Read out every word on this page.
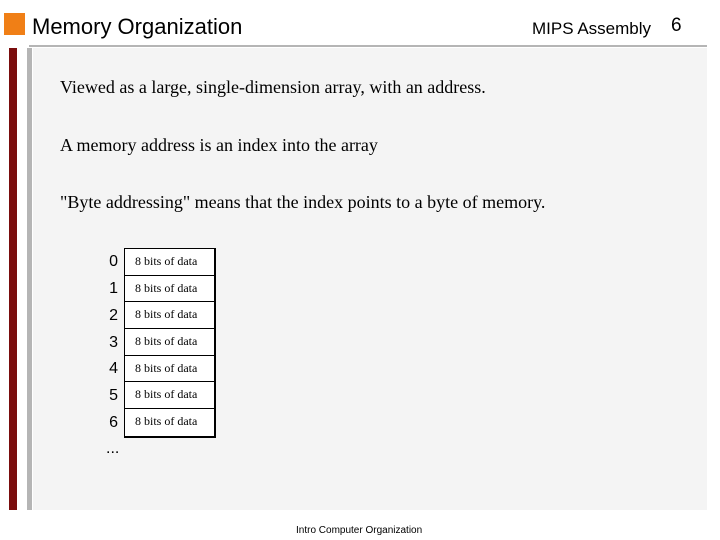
Memory Organization	MIPS Assembly 6
Viewed as a large, single-dimension array, with an address.
A memory address is an index into the array
"Byte addressing" means that the index points to a byte of memory.
0
1
2
3
4
5
6
8 bits of data
8 bits of data
8 bits of data
8 bits of data
8 bits of data
8 bits of data
8 bits of data
...
Intro Computer Organization
